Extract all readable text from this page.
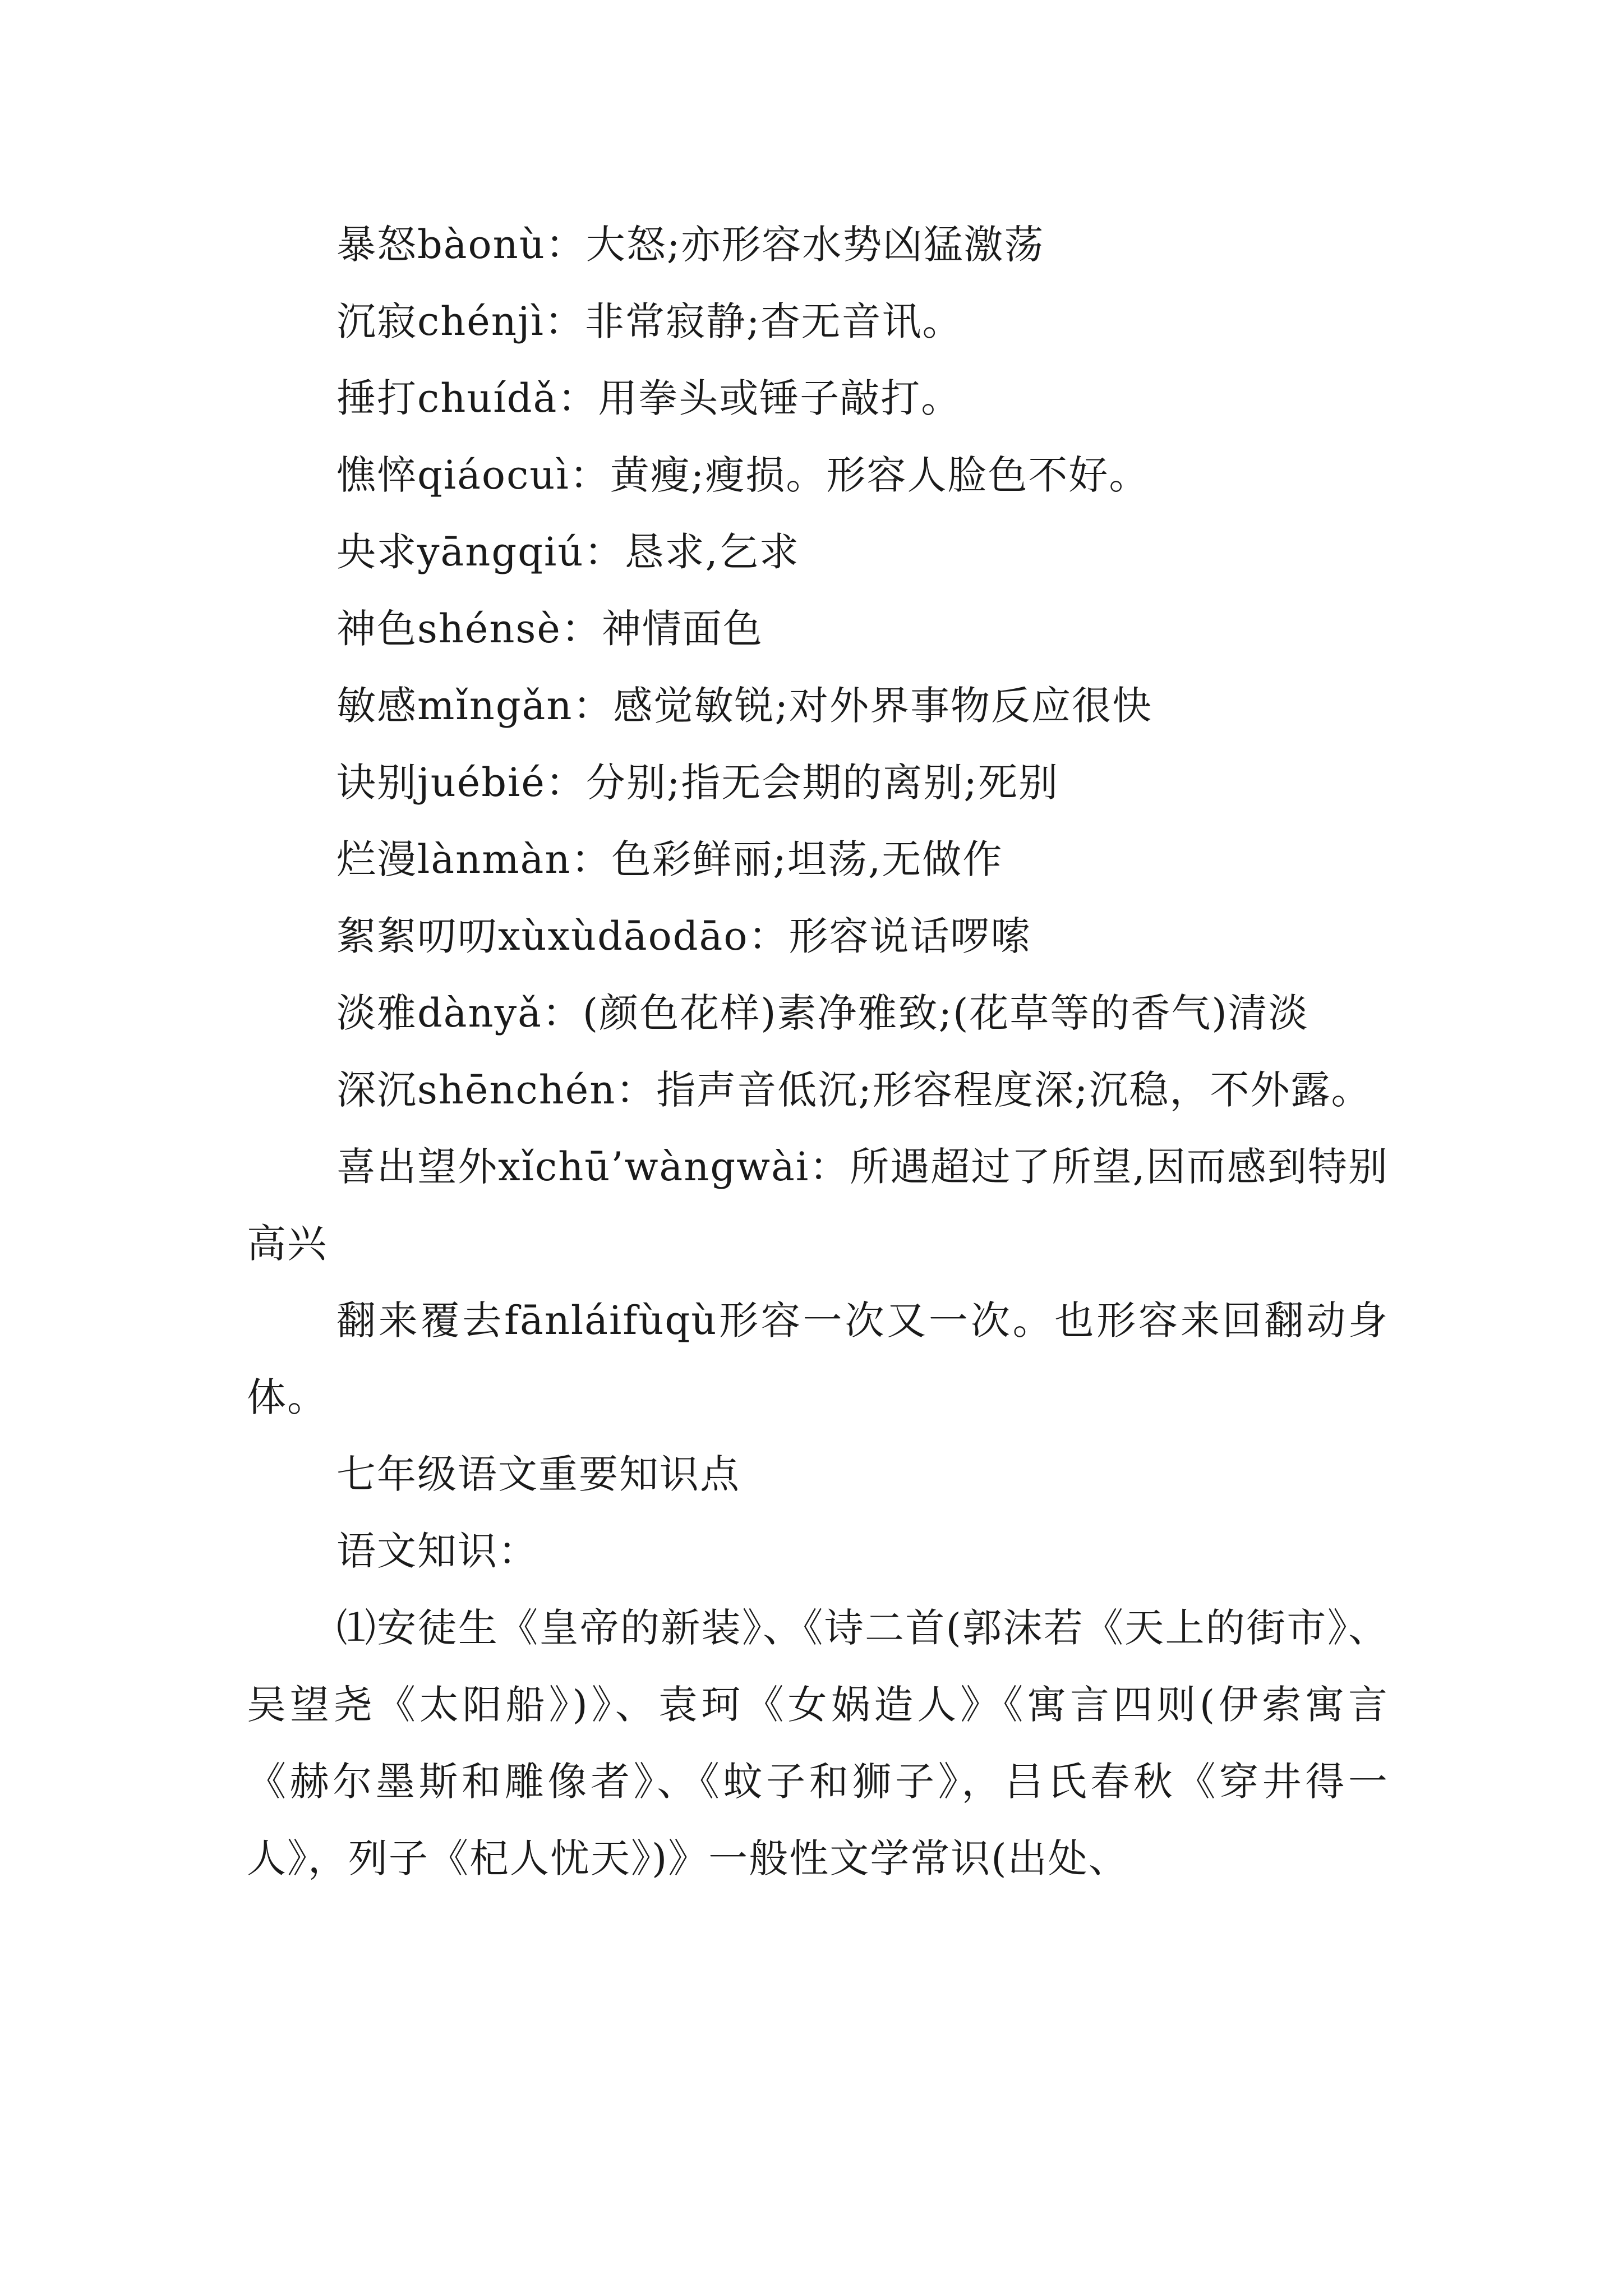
暴怒bàonù：大怒;亦形容水势凶猛激荡

沉寂chénjì：非常寂静;杳无音讯。

捶打chuídǎ：用拳头或锤子敲打。

憔悴qiáocuì：黄瘦;瘦损。形容人脸色不好。

央求yāngqiú：恳求,乞求

神色shénsè：神情面色

敏感mǐngǎn：感觉敏锐;对外界事物反应很快

诀别juébié：分别;指无会期的离别;死别

烂漫lànmàn：色彩鲜丽;坦荡,无做作

絮絮叨叨xùxùdāodāo：形容说话啰嗦

淡雅dànyǎ：(颜色花样)素净雅致;(花草等的香气)清淡

深沉shēnchén：指声音低沉;形容程度深;沉稳，不外露。

喜出望外xǐchū’wàngwài：所遇超过了所望,因而感到特别高兴

翻来覆去fānláifùqù形容一次又一次。也形容来回翻动身体。

七年级语文重要知识点

语文知识：

⑴安徒生《皇帝的新装》、《诗二首(郭沫若《天上的街市》、吴望尧《太阳船》)》、袁珂《女娲造人》《寓言四则(伊索寓言《赫尔墨斯和雕像者》、《蚊子和狮子》，吕氏春秋《穿井得一人》，列子《杞人忧天》)》一般性文学常识(出处、
